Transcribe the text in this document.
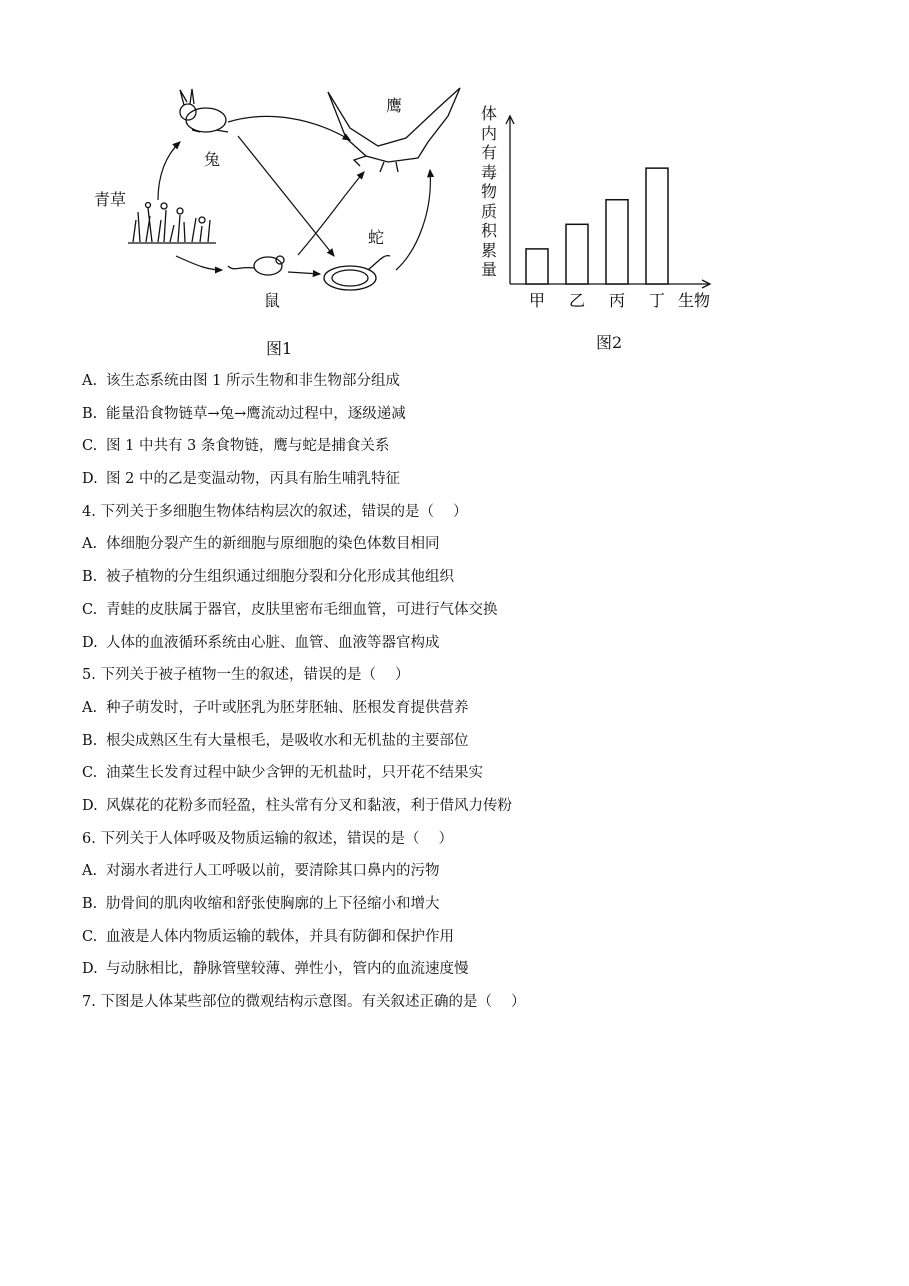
鹰
兔
青草
蛇
鼠
图1
体内有毒物质积累量
甲 乙 丙 丁 生物
图2
A. 该生态系统由图 1 所示生物和非生物部分组成
B. 能量沿食物链草→兔→鹰流动过程中，逐级递减
C. 图 1 中共有 3 条食物链，鹰与蛇是捕食关系
D. 图 2 中的乙是变温动物，丙具有胎生哺乳特征
4. 下列关于多细胞生物体结构层次的叙述，错误的是（　 ）
A. 体细胞分裂产生的新细胞与原细胞的染色体数目相同
B. 被子植物的分生组织通过细胞分裂和分化形成其他组织
C. 青蛙的皮肤属于器官，皮肤里密布毛细血管，可进行气体交换
D. 人体的血液循环系统由心脏、血管、血液等器官构成
5. 下列关于被子植物一生的叙述，错误的是（　 ）
A. 种子萌发时，子叶或胚乳为胚芽胚轴、胚根发育提供营养
B. 根尖成熟区生有大量根毛，是吸收水和无机盐的主要部位
C. 油菜生长发育过程中缺少含钾的无机盐时，只开花不结果实
D. 风媒花的花粉多而轻盈，柱头常有分叉和黏液，利于借风力传粉
6. 下列关于人体呼吸及物质运输的叙述，错误的是（　 ）
A. 对溺水者进行人工呼吸以前，要清除其口鼻内的污物
B. 肋骨间的肌肉收缩和舒张使胸廓的上下径缩小和增大
C. 血液是人体内物质运输的载体，并具有防御和保护作用
D. 与动脉相比，静脉管壁较薄、弹性小，管内的血流速度慢
7. 下图是人体某些部位的微观结构示意图。有关叙述正确的是（　 ）
